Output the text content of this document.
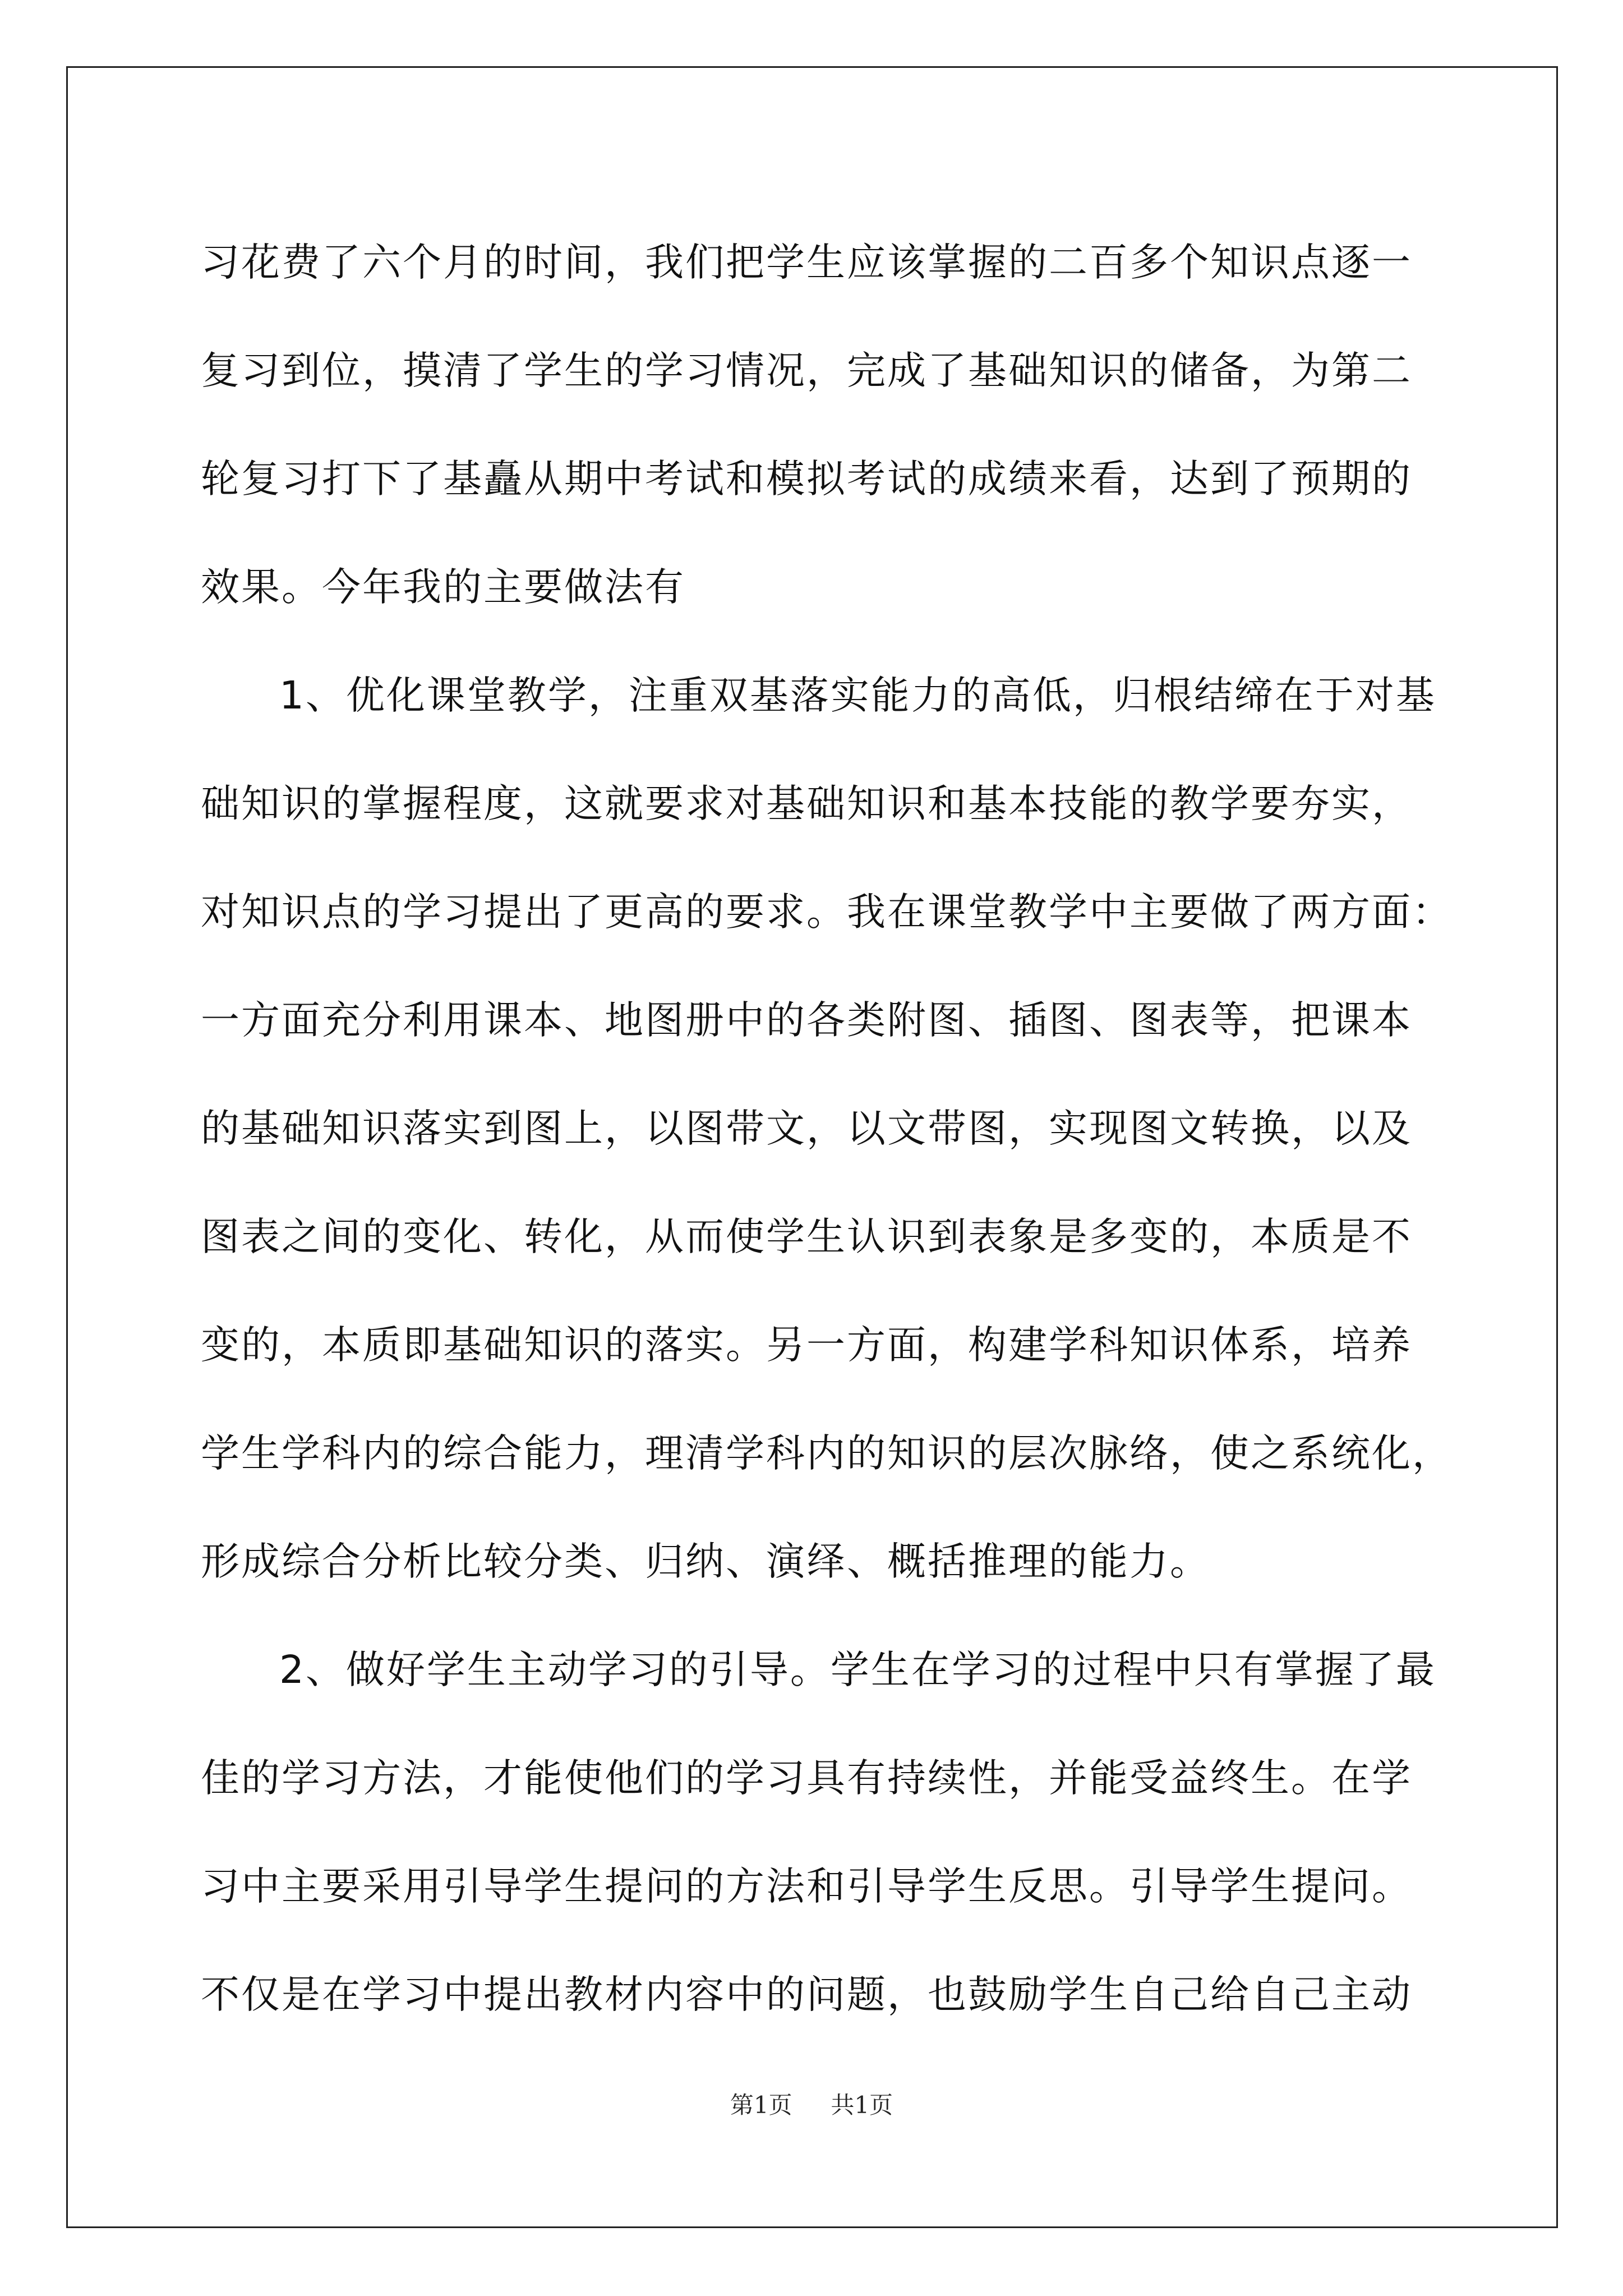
习花费了六个月的时间，我们把学生应该掌握的二百多个知识点逐一
复习到位，摸清了学生的学习情况，完成了基础知识的储备，为第二
轮复习打下了基矗从期中考试和模拟考试的成绩来看，达到了预期的
效果。今年我的主要做法有
1、优化课堂教学，注重双基落实能力的高低，归根结缔在于对基
础知识的掌握程度，这就要求对基础知识和基本技能的教学要夯实，
对知识点的学习提出了更高的要求。我在课堂教学中主要做了两方面：
一方面充分利用课本、地图册中的各类附图、插图、图表等，把课本
的基础知识落实到图上，以图带文，以文带图，实现图文转换，以及
图表之间的变化、转化，从而使学生认识到表象是多变的，本质是不
变的，本质即基础知识的落实。另一方面，构建学科知识体系，培养
学生学科内的综合能力，理清学科内的知识的层次脉络，使之系统化，
形成综合分析比较分类、归纳、演绎、概括推理的能力。
2、做好学生主动学习的引导。学生在学习的过程中只有掌握了最
佳的学习方法，才能使他们的学习具有持续性，并能受益终生。在学
习中主要采用引导学生提问的方法和引导学生反思。引导学生提问。
不仅是在学习中提出教材内容中的问题，也鼓励学生自己给自己主动
第1页 共1页
